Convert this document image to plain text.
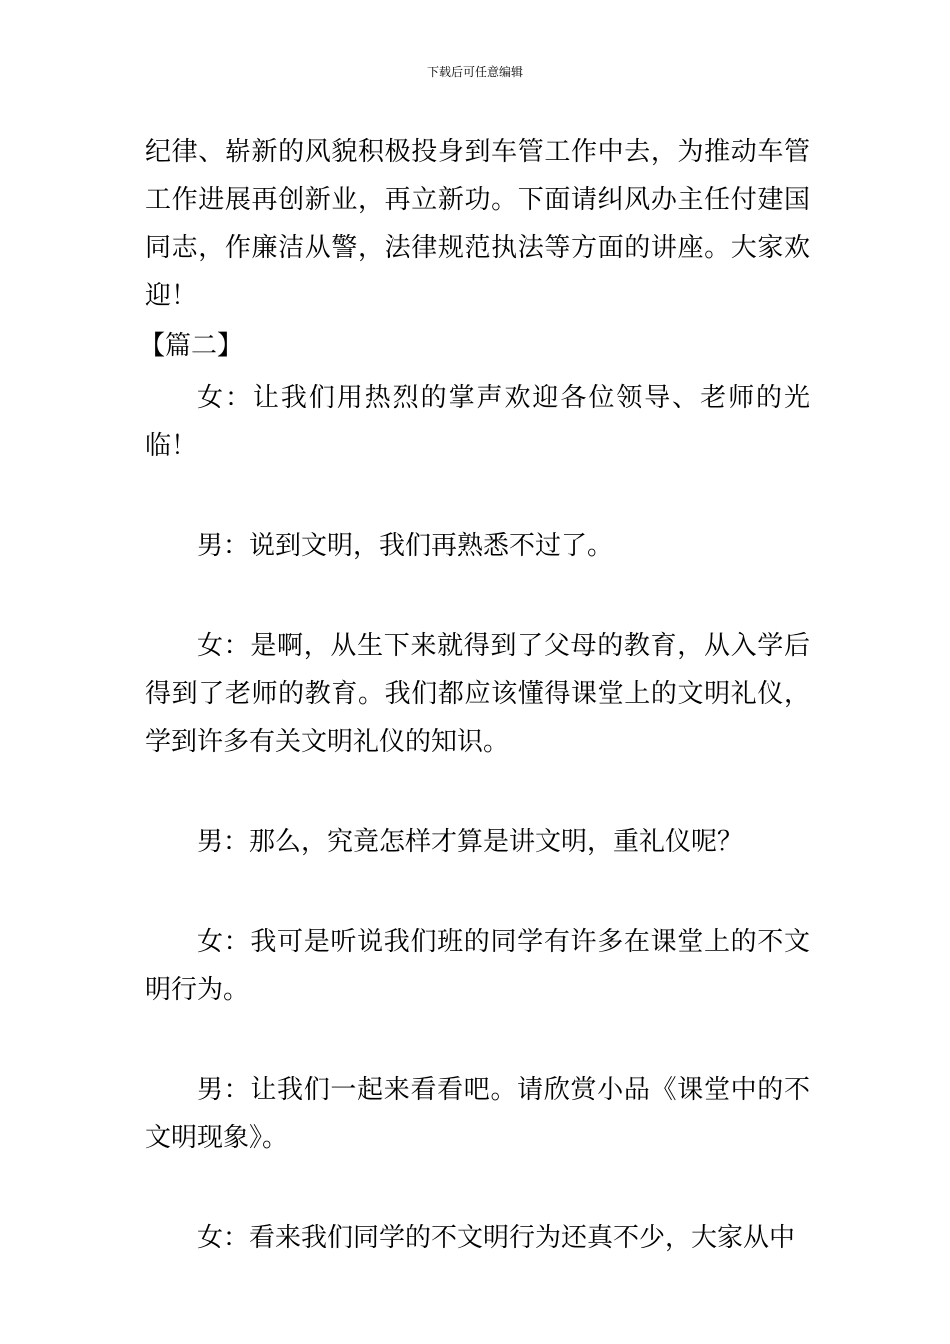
下载后可任意编辑

纪律、崭新的风貌积极投身到车管工作中去，为推动车管工作进展再创新业，再立新功。下面请纠风办主任付建国同志，作廉洁从警，法律规范执法等方面的讲座。大家欢迎！

【篇二】

女：让我们用热烈的掌声欢迎各位领导、老师的光临！

男：说到文明，我们再熟悉不过了。

女：是啊，从生下来就得到了父母的教育，从入学后得到了老师的教育。我们都应该懂得课堂上的文明礼仪，学到许多有关文明礼仪的知识。

男：那么，究竟怎样才算是讲文明，重礼仪呢？

女：我可是听说我们班的同学有许多在课堂上的不文明行为。

男：让我们一起来看看吧。请欣赏小品《课堂中的不文明现象》。

女：看来我们同学的不文明行为还真不少，大家从中
